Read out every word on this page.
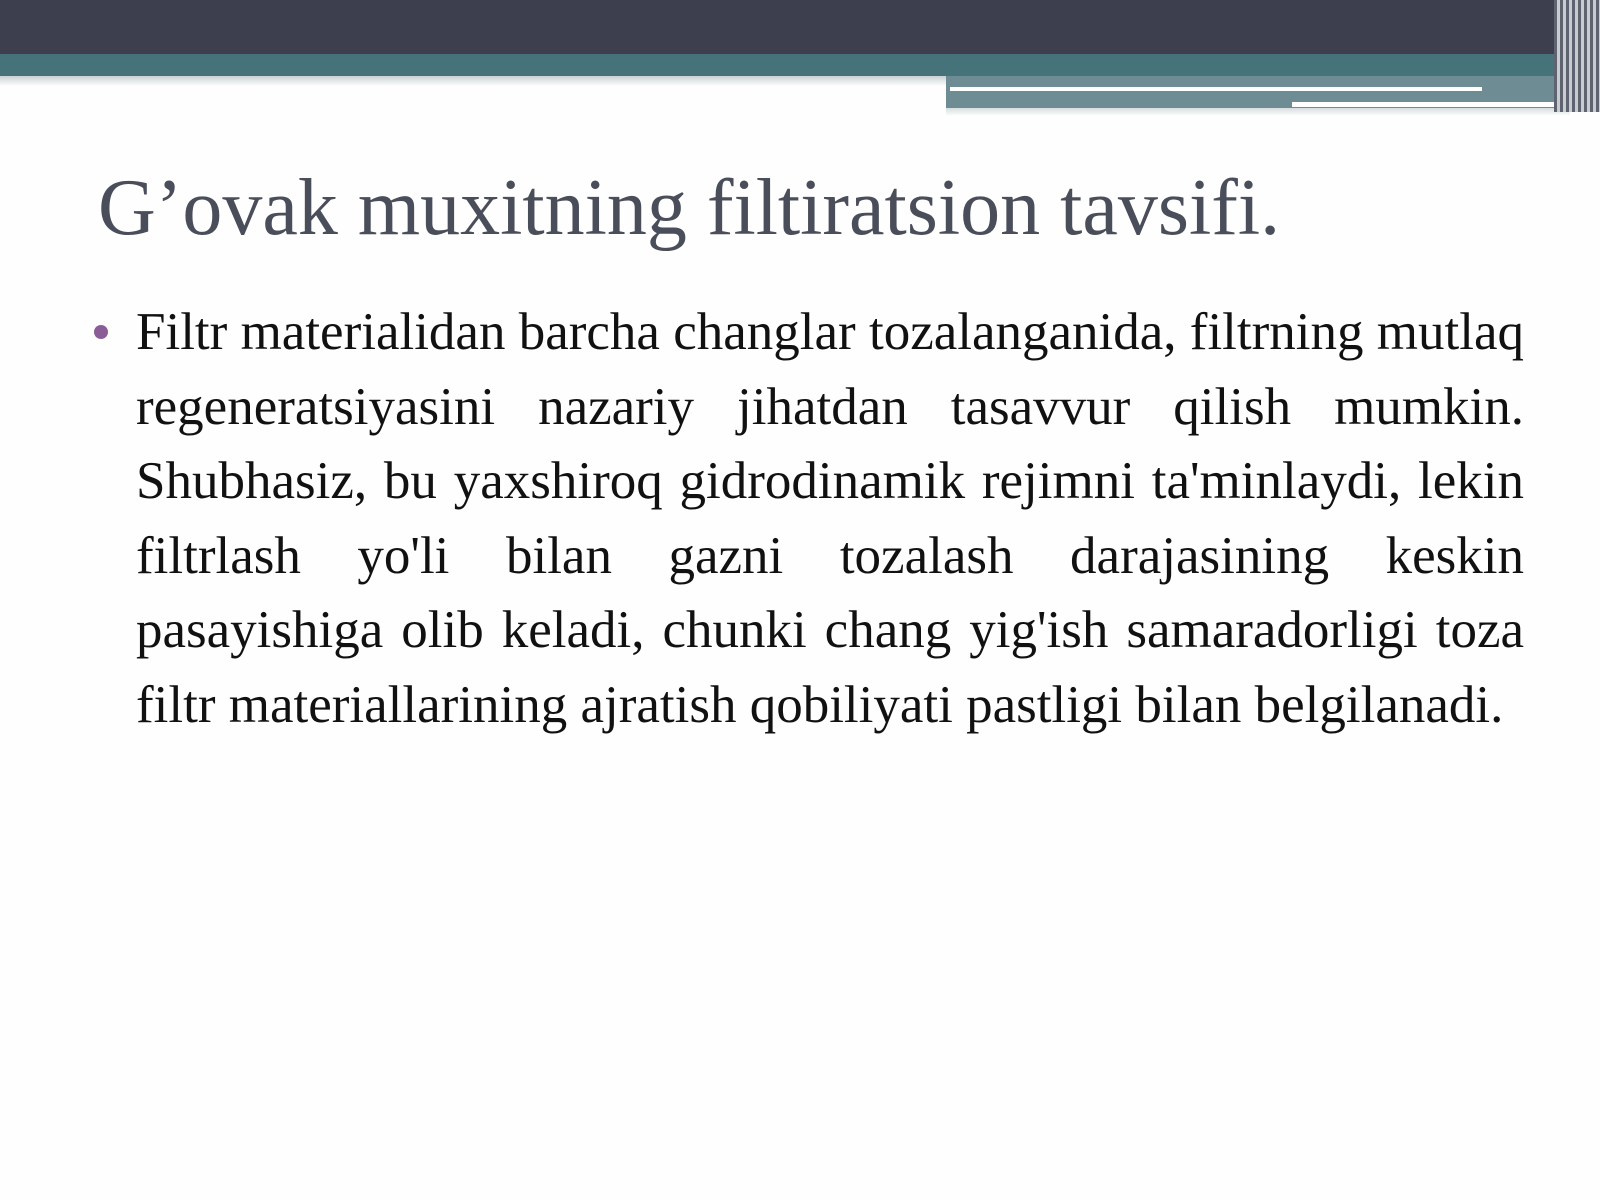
G’ovak muxitning filtiratsion tavsifi.
Filtr materialidan barcha changlar tozalanganida, filtrning mutlaq regeneratsiyasini nazariy jihatdan tasavvur qilish mumkin. Shubhasiz, bu yaxshiroq gidrodinamik rejimni ta'minlaydi, lekin filtrlash yo'li bilan gazni tozalash darajasining keskin pasayishiga olib keladi, chunki chang yig'ish samaradorligi toza filtr materiallarining ajratish qobiliyati pastligi bilan belgilanadi.
